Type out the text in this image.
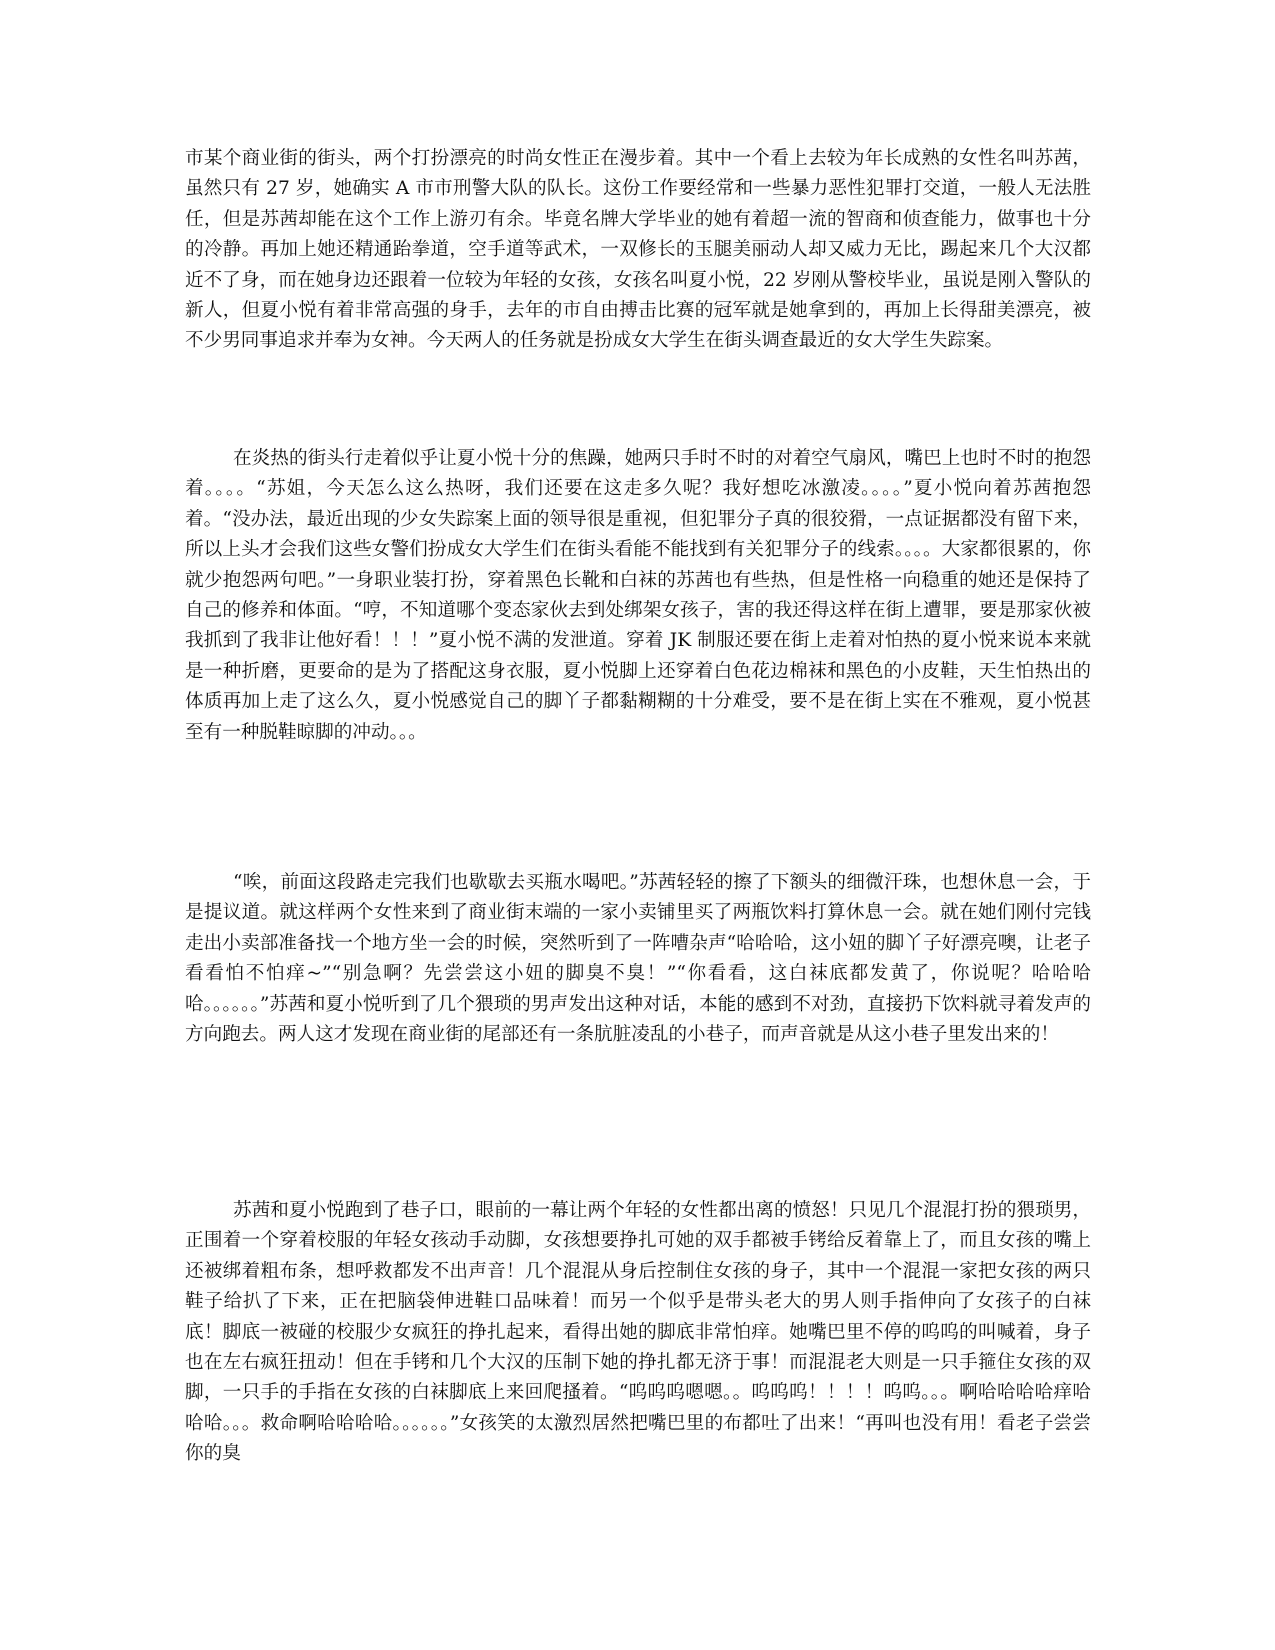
市某个商业街的街头，两个打扮漂亮的时尚女性正在漫步着。其中一个看上去较为年长成熟的女性名叫苏茜，虽然只有 27 岁，她确实 A 市市刑警大队的队长。这份工作要经常和一些暴力恶性犯罪打交道，一般人无法胜任，但是苏茜却能在这个工作上游刃有余。毕竟名牌大学毕业的她有着超一流的智商和侦查能力，做事也十分的冷静。再加上她还精通跆拳道，空手道等武术，一双修长的玉腿美丽动人却又威力无比，踢起来几个大汉都近不了身，而在她身边还跟着一位较为年轻的女孩，女孩名叫夏小悦，22 岁刚从警校毕业，虽说是刚入警队的新人，但夏小悦有着非常高强的身手，去年的市自由搏击比赛的冠军就是她拿到的，再加上长得甜美漂亮，被不少男同事追求并奉为女神。今天两人的任务就是扮成女大学生在街头调查最近的女大学生失踪案。

在炎热的街头行走着似乎让夏小悦十分的焦躁，她两只手时不时的对着空气扇风，嘴巴上也时不时的抱怨着。。。。“苏姐，今天怎么这么热呀，我们还要在这走多久呢？我好想吃冰激凌。。。。”夏小悦向着苏茜抱怨着。“没办法，最近出现的少女失踪案上面的领导很是重视，但犯罪分子真的很狡猾，一点证据都没有留下来，所以上头才会我们这些女警们扮成女大学生们在街头看能不能找到有关犯罪分子的线索。。。。大家都很累的，你就少抱怨两句吧。”一身职业装打扮，穿着黑色长靴和白袜的苏茜也有些热，但是性格一向稳重的她还是保持了自己的修养和体面。“哼，不知道哪个变态家伙去到处绑架女孩子，害的我还得这样在街上遭罪，要是那家伙被我抓到了我非让他好看！！！”夏小悦不满的发泄道。穿着 JK 制服还要在街上走着对怕热的夏小悦来说本来就是一种折磨，更要命的是为了搭配这身衣服，夏小悦脚上还穿着白色花边棉袜和黑色的小皮鞋，天生怕热出的体质再加上走了这么久，夏小悦感觉自己的脚丫子都黏糊糊的十分难受，要不是在街上实在不雅观，夏小悦甚至有一种脱鞋晾脚的冲动。。。

“唉，前面这段路走完我们也歇歇去买瓶水喝吧。”苏茜轻轻的擦了下额头的细微汗珠，也想休息一会，于是提议道。就这样两个女性来到了商业街末端的一家小卖铺里买了两瓶饮料打算休息一会。就在她们刚付完钱走出小卖部准备找一个地方坐一会的时候，突然听到了一阵嘈杂声“哈哈哈，这小妞的脚丫子好漂亮噢，让老子看看怕不怕痒~”“别急啊？先尝尝这小妞的脚臭不臭！”“你看看，这白袜底都发黄了，你说呢？哈哈哈哈。。。。。。”苏茜和夏小悦听到了几个猥琐的男声发出这种对话，本能的感到不对劲，直接扔下饮料就寻着发声的方向跑去。两人这才发现在商业街的尾部还有一条肮脏凌乱的小巷子，而声音就是从这小巷子里发出来的！

苏茜和夏小悦跑到了巷子口，眼前的一幕让两个年轻的女性都出离的愤怒！只见几个混混打扮的猥琐男，正围着一个穿着校服的年轻女孩动手动脚，女孩想要挣扎可她的双手都被手铐给反着靠上了，而且女孩的嘴上还被绑着粗布条，想呼救都发不出声音！几个混混从身后控制住女孩的身子，其中一个混混一家把女孩的两只鞋子给扒了下来，正在把脑袋伸进鞋口品味着！而另一个似乎是带头老大的男人则手指伸向了女孩子的白袜底！脚底一被碰的校服少女疯狂的挣扎起来，看得出她的脚底非常怕痒。她嘴巴里不停的呜呜的叫喊着，身子也在左右疯狂扭动！但在手铐和几个大汉的压制下她的挣扎都无济于事！而混混老大则是一只手箍住女孩的双脚，一只手的手指在女孩的白袜脚底上来回爬搔着。“呜呜呜嗯嗯。。呜呜呜！！！！呜呜。。。啊哈哈哈哈痒哈哈哈。。。救命啊哈哈哈哈。。。。。。”女孩笑的太激烈居然把嘴巴里的布都吐了出来！“再叫也没有用！看老子尝尝你的臭
